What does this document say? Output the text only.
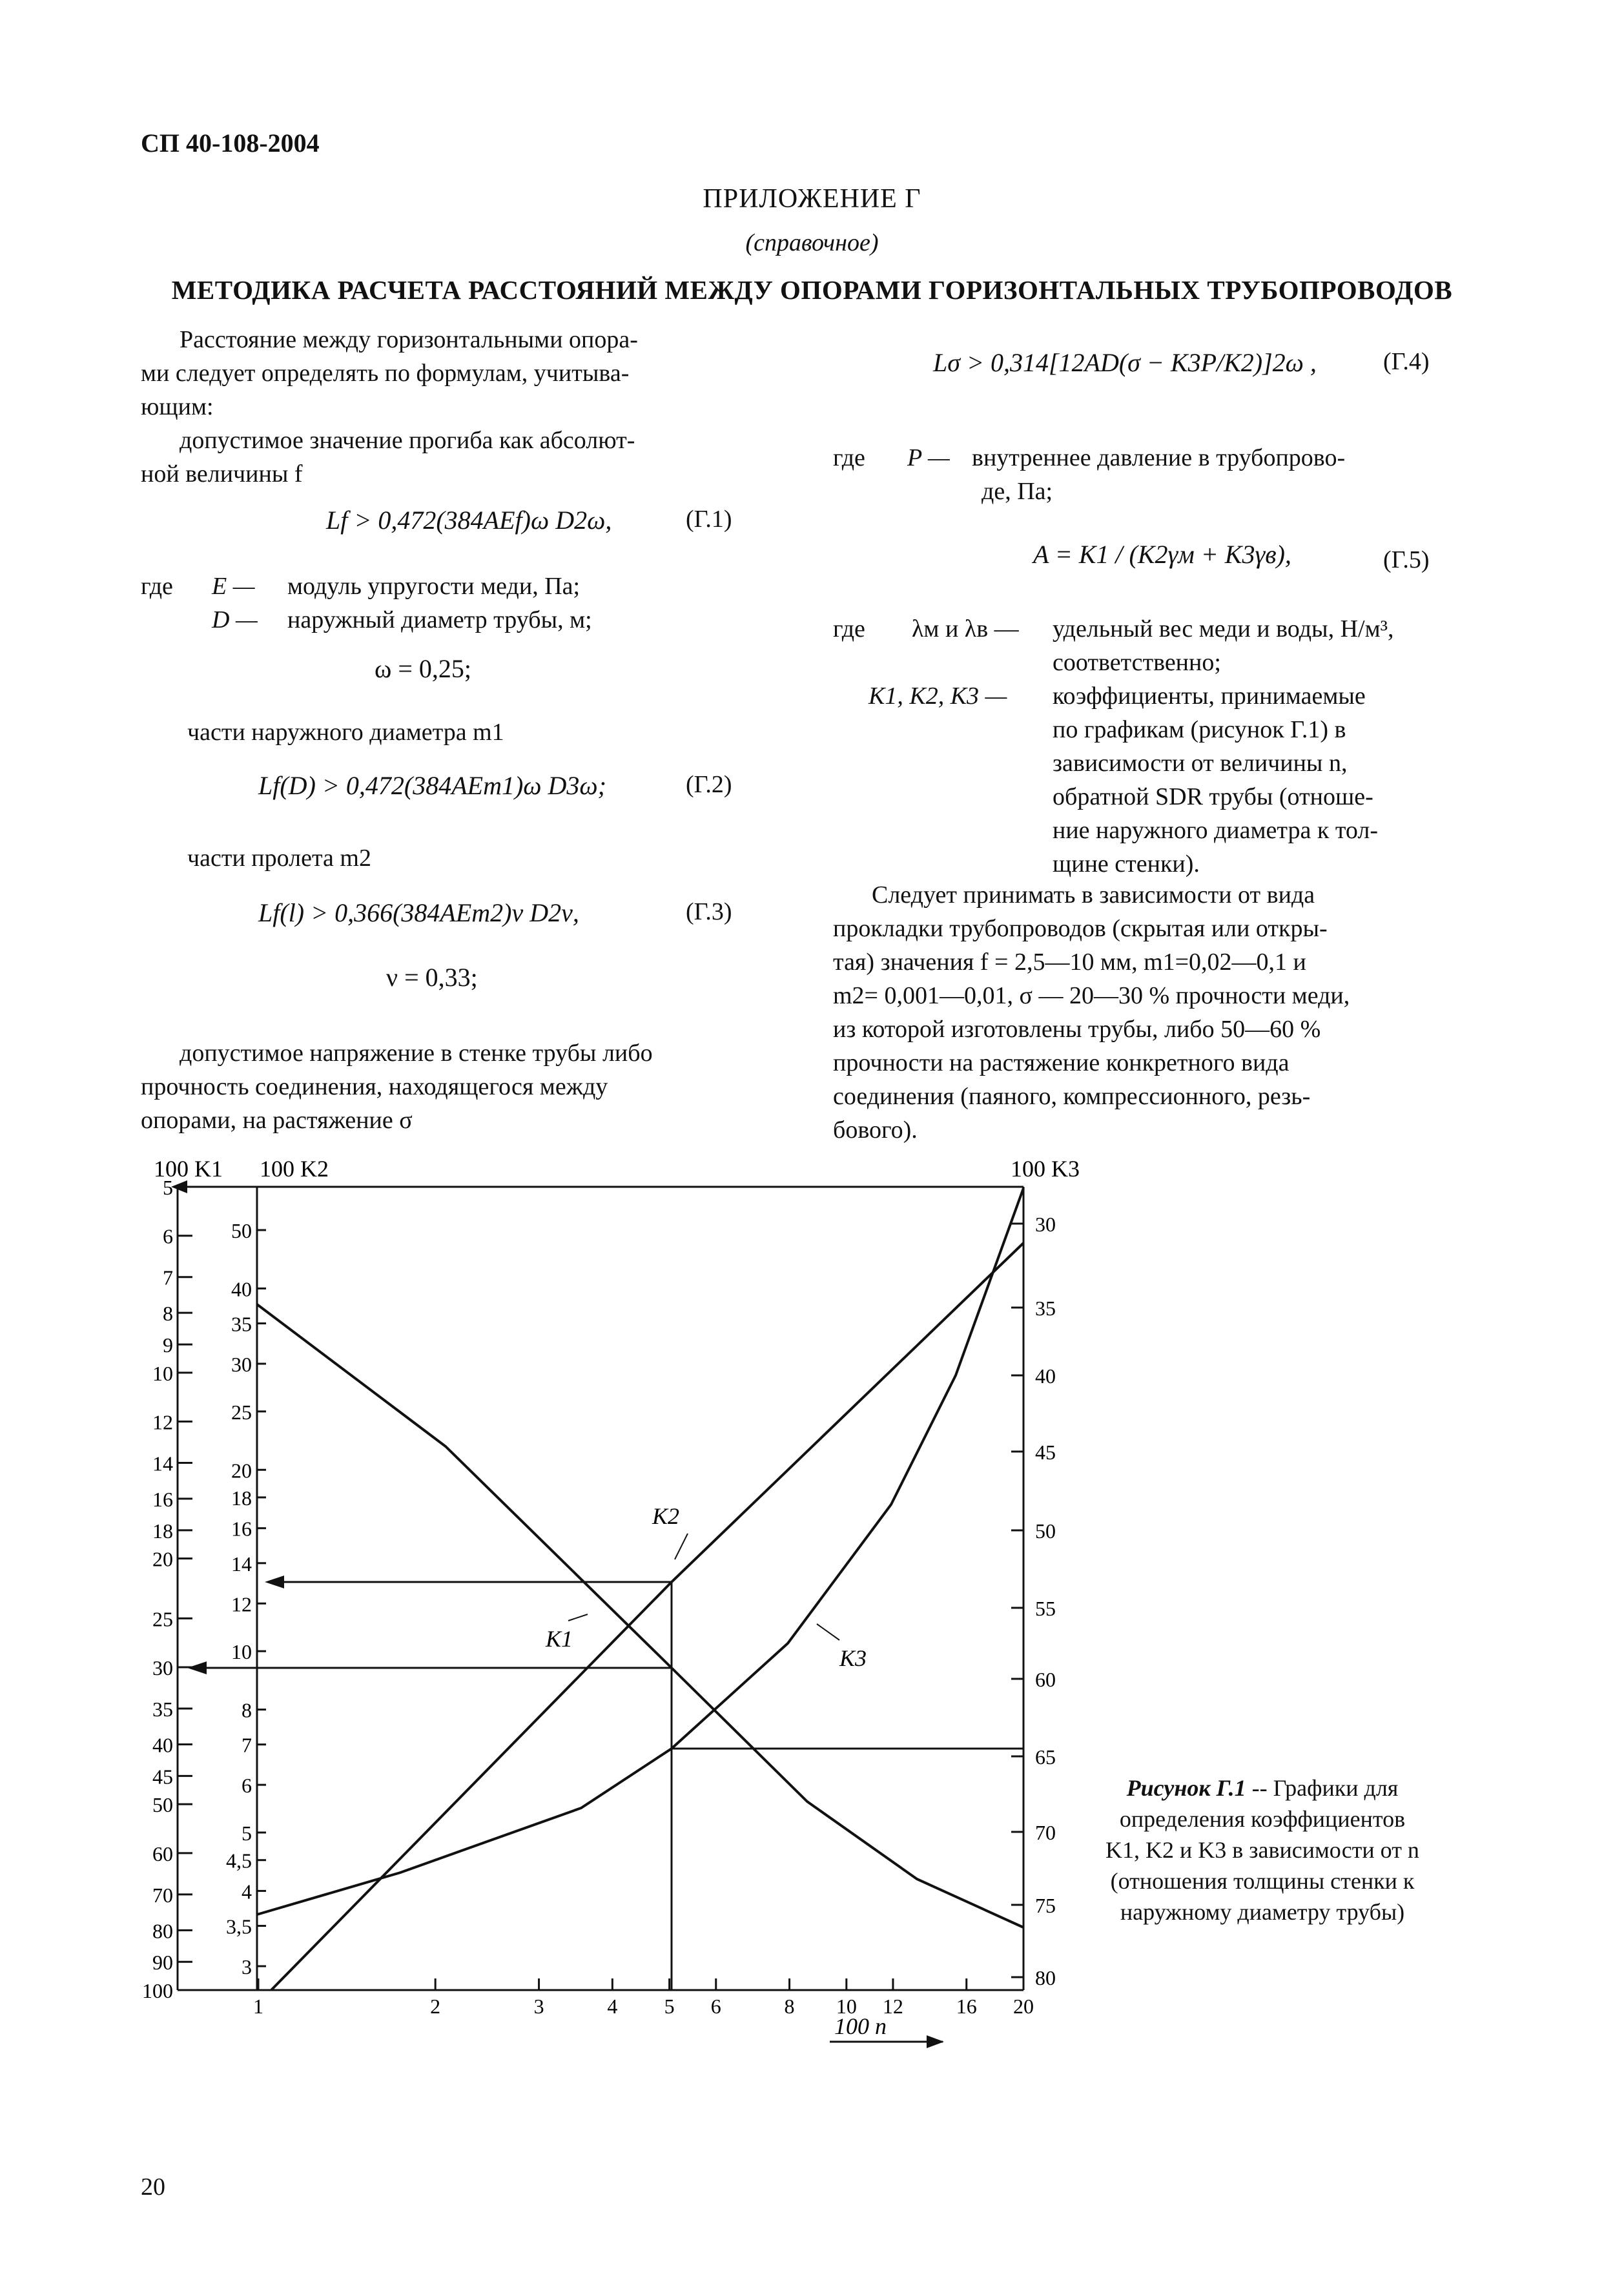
СП 40-108-2004
ПРИЛОЖЕНИЕ Г
(справочное)
МЕТОДИКА РАСЧЕТА РАССТОЯНИЙ МЕЖДУ ОПОРАМИ ГОРИЗОНТАЛЬНЫХ ТРУБОПРОВОДОВ

Расстояние между горизонтальными опора-

ми следует определять по формулам, учитыва-

ющим:

допустимое значение прогиба как абсолют-

ной величины f

Lf > 0,472(384AEf)ω D2ω,	(Г.1)
где E — модуль упругости меди, Па;
D — наружный диаметр трубы, м;
ω = 0,25;
части наружного диаметра m1
Lf(D) > 0,472(384AEm1)ω D3ω;	(Г.2)
части пролета m2
Lf(l) > 0,366(384AEm2)ν D2ν,	(Г.3)
ν = 0,33;

допустимое напряжение в стенке трубы либо

прочность соединения, находящегося между

опорами, на растяжение σ

Lσ > 0,314[12AD(σ − K3P/K2)]2ω ,	(Г.4)
где P — внутреннее давление в трубопрово-
де, Па;
A = K1 / (K2γм + K3γв),	(Г.5)
где λм и λв — удельный вес меди и воды, Н/м³,

соответственно;

K1, K2, K3 — коэффициенты, принимаемые

по графикам (рисунок Г.1) в

зависимости от величины n,

обратной SDR трубы (отноше-

ние наружного диаметра к тол-

щине стенки).

Следует принимать в зависимости от вида

прокладки трубопроводов (скрытая или откры-

тая) значения f = 2,5—10 мм, m1=0,02—0,1 и

m2= 0,001—0,01, σ — 20—30 % прочности меди,

из которой изготовлены трубы, либо 50—60 %

прочности на растяжение конкретного вида

соединения (паяного, компрессионного, резь-

бового).

100 K1 100 K2	100 K3
100 n
K2
K1
K3
5
6
7
8
9
10
12
14
16
18
20
25
30
35
40
45
50
60
70
80
90
100
50
40
35
30
25
20
18
16
14
12
10
8
7
6
5
4,5
4
3,5
3
30
35
40
45
50
55
60
65
70
75
80
1	2	3	4 5 6	8 10 12	16 20
Рисунок Г.1 -- Графики для
определения коэффициентов
K1, K2 и K3 в зависимости от n
(отношения толщины стенки к
наружному диаметру трубы)
20
